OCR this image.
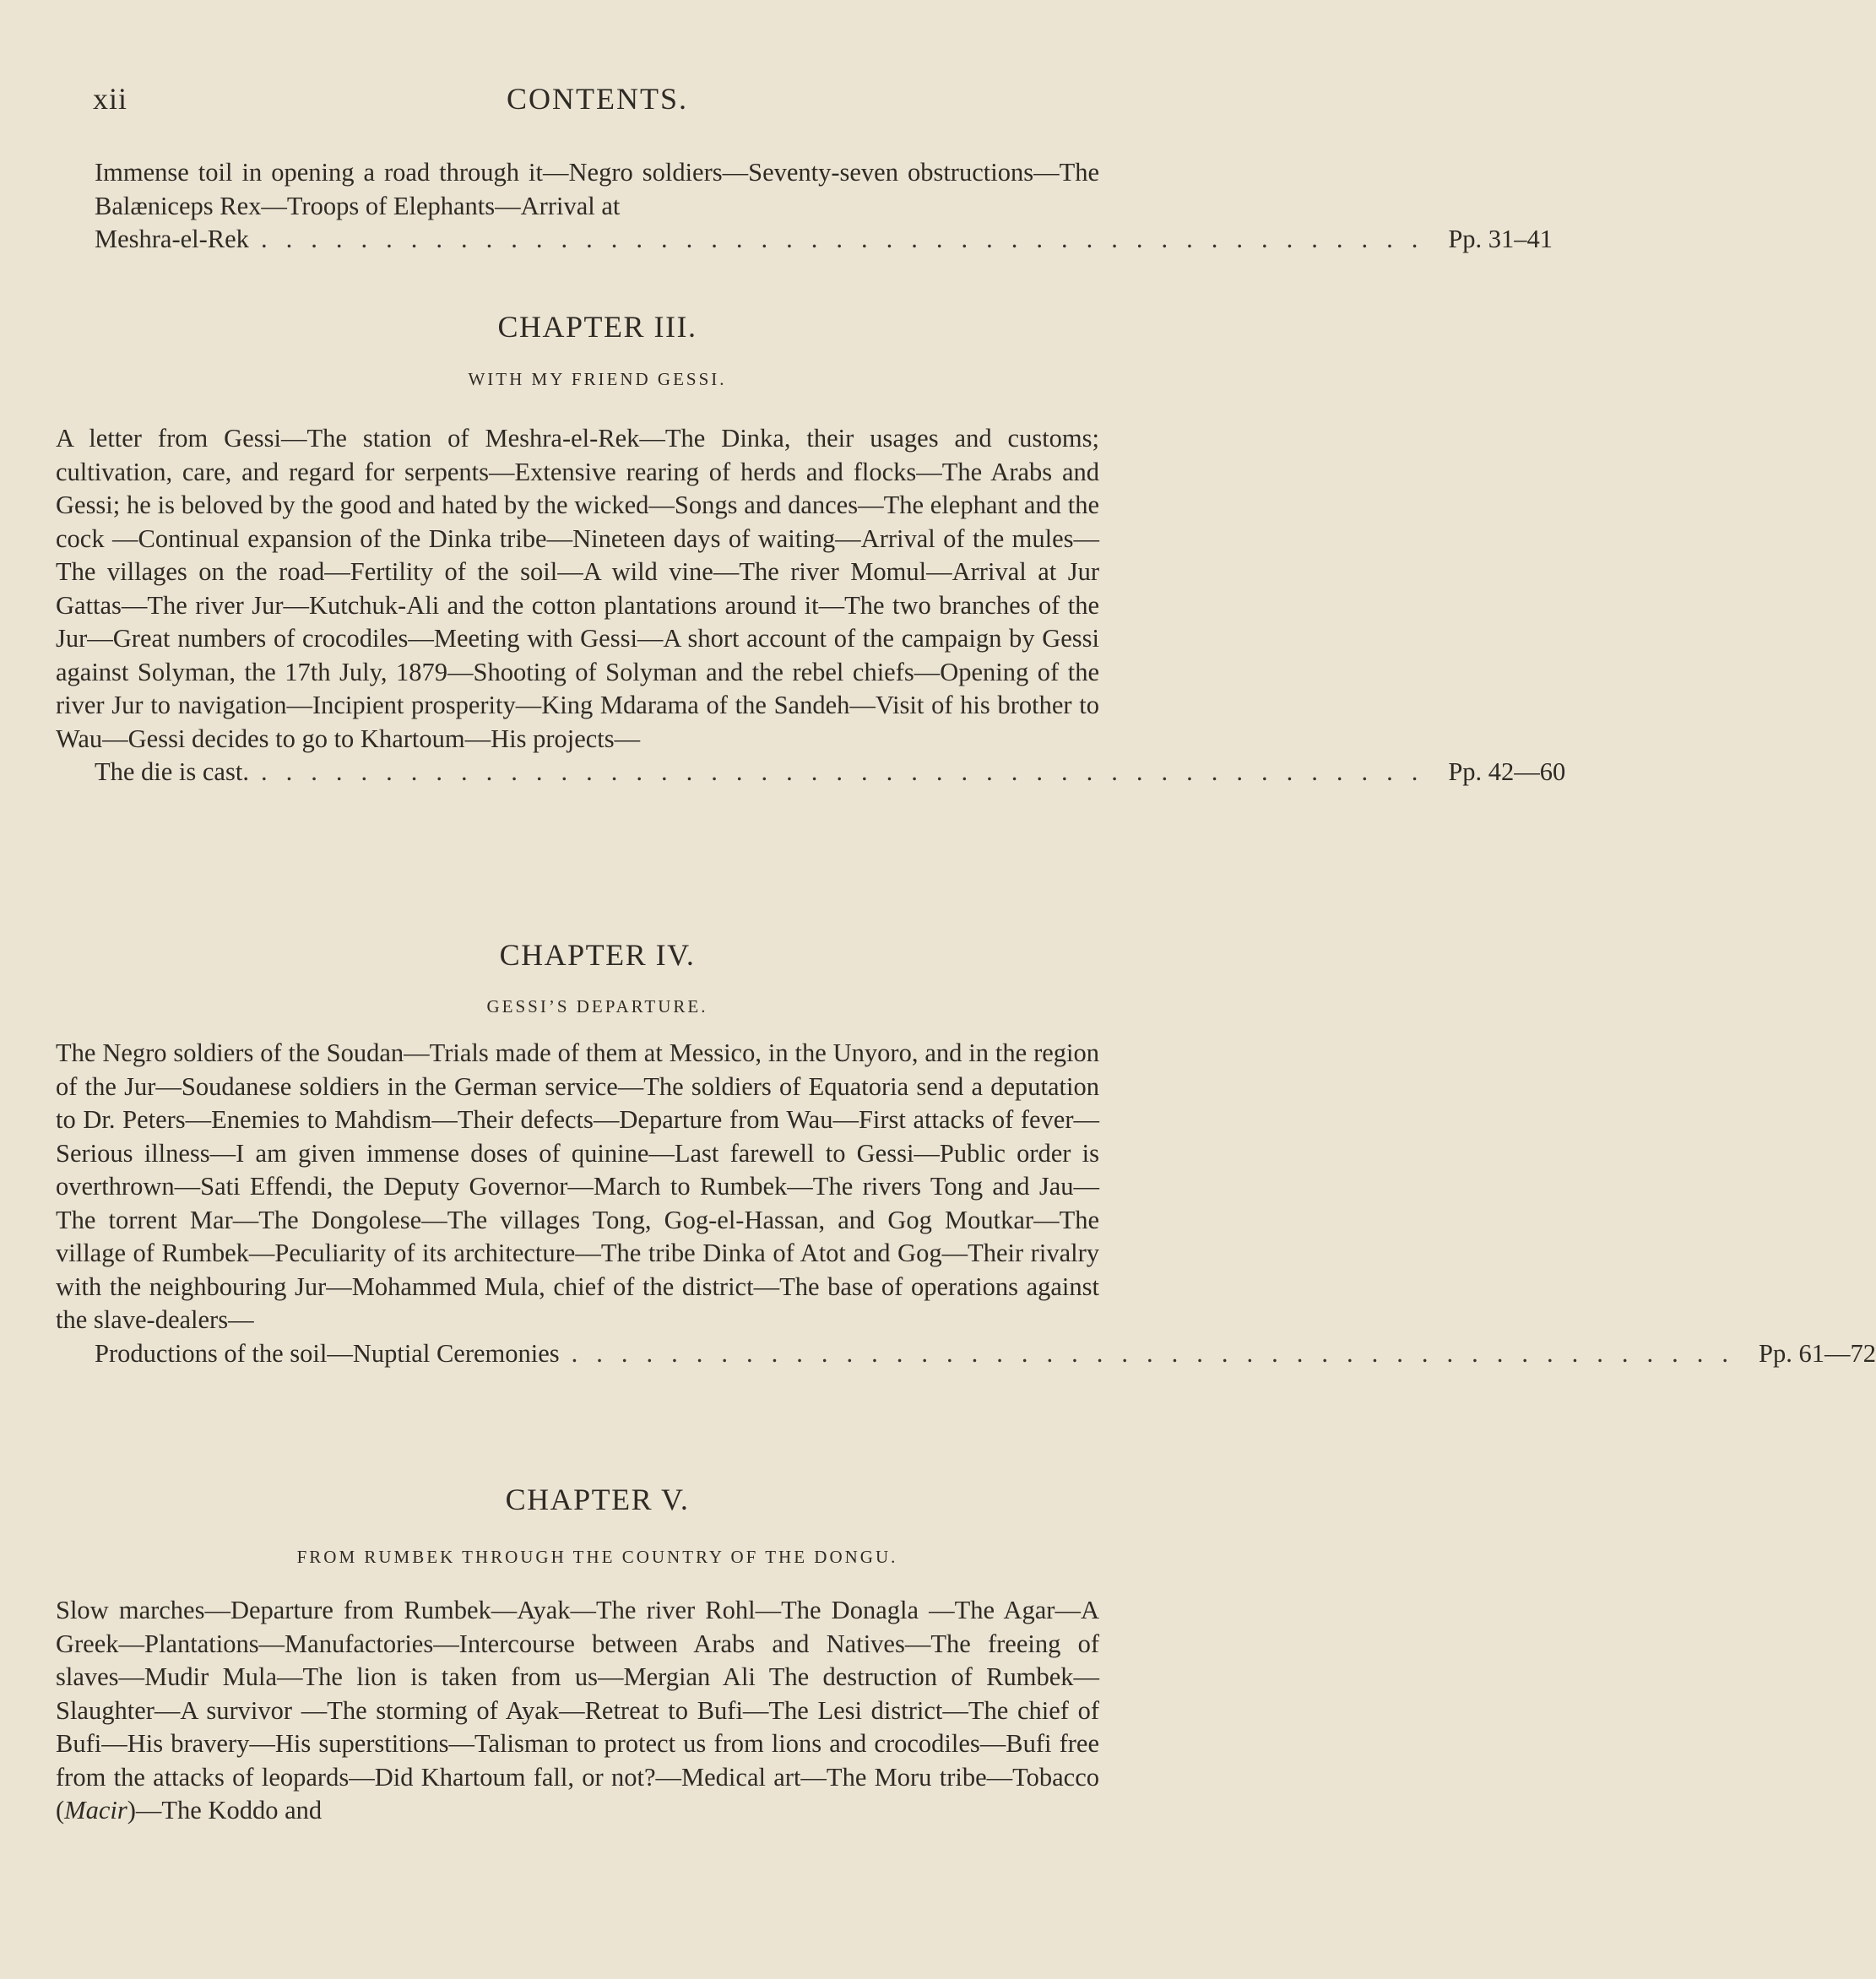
xii	CONTENTS.
Immense toil in opening a road through it—Negro soldiers—Seventy-seven obstructions—The Balæniceps Rex—Troops of Elephants—Arrival at
Meshra-el-Rek ............................................... Pp. 31–41
CHAPTER III.
WITH MY FRIEND GESSI.
A letter from Gessi—The station of Meshra-el-Rek—The Dinka, their usages and customs; cultivation, care, and regard for serpents—Extensive rearing of herds and flocks—The Arabs and Gessi; he is beloved by the good and hated by the wicked—Songs and dances—The elephant and the cock —Continual expansion of the Dinka tribe—Nineteen days of waiting—Arrival of the mules—The villages on the road—Fertility of the soil—A wild vine—The river Momul—Arrival at Jur Gattas—The river Jur—Kutchuk-Ali and the cotton plantations around it—The two branches of the Jur—Great numbers of crocodiles—Meeting with Gessi—A short account of the campaign by Gessi against Solyman, the 17th July, 1879—Shooting of Solyman and the rebel chiefs—Opening of the river Jur to navigation—Incipient prosperity—King Mdarama of the Sandeh—Visit of his brother to Wau—Gessi decides to go to Khartoum—His projects—
The die is cast. ............................................... Pp. 42—60
CHAPTER IV.
GESSI’S DEPARTURE.
The Negro soldiers of the Soudan—Trials made of them at Messico, in the Unyoro, and in the region of the Jur—Soudanese soldiers in the German service—The soldiers of Equatoria send a deputation to Dr. Peters—Enemies to Mahdism—Their defects—Departure from Wau—First attacks of fever—Serious illness—I am given immense doses of quinine—Last farewell to Gessi—Public order is overthrown—Sati Effendi, the Deputy Governor—March to Rumbek—The rivers Tong and Jau—The torrent Mar—The Dongolese—The villages Tong, Gog-el-Hassan, and Gog Moutkar—The village of Rumbek—Peculiarity of its architecture—The tribe Dinka of Atot and Gog—Their rivalry with the neighbouring Jur—Mohammed Mula, chief of the district—The base of operations against the slave-dealers—
Productions of the soil—Nuptial Ceremonies ............................................... Pp. 61—72
CHAPTER V.
FROM RUMBEK THROUGH THE COUNTRY OF THE DONGU.
Slow marches—Departure from Rumbek—Ayak—The river Rohl—The Donagla —The Agar—A Greek—Plantations—Manufactories—Intercourse between Arabs and Natives—The freeing of slaves—Mudir Mula—The lion is taken from us—Mergian Ali The destruction of Rumbek—Slaughter—A survivor —The storming of Ayak—Retreat to Bufi—The Lesi district—The chief of Bufi—His bravery—His superstitions—Talisman to protect us from lions and crocodiles—Bufi free from the attacks of leopards—Did Khartoum fall, or not?—Medical art—The Moru tribe—Tobacco (Macir)—The Koddo and
